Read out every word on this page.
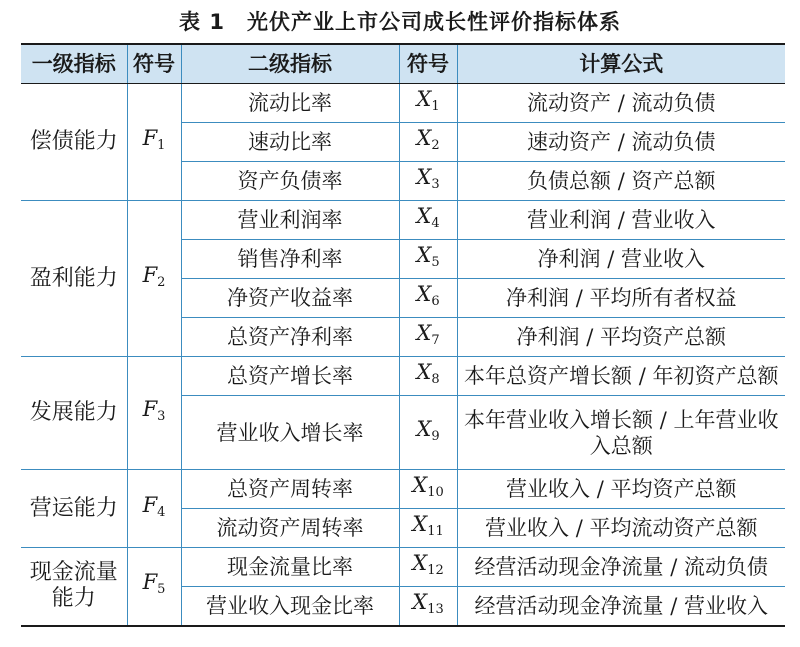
表 1 光伏产业上市公司成长性评价指标体系
一级指标	符号	二级指标	符号	计算公式
偿债能力	$F_1$	流动比率	$X_1$	流动资产 / 流动负债
		速动比率	$X_2$	速动资产 / 流动负债
		资产负债率	$X_3$	负债总额 / 资产总额
盈利能力	$F_2$	营业利润率	$X_4$	营业利润 / 营业收入
		销售净利率	$X_5$	净利润 / 营业收入
		净资产收益率	$X_6$	净利润 / 平均所有者权益
		总资产净利率	$X_7$	净利润 / 平均资产总额
发展能力	$F_3$	总资产增长率	$X_8$	本年总资产增长额 / 年初资产总额
		营业收入增长率	$X_9$	本年营业收入增长额 / 上年营业收入总额
营运能力	$F_4$	总资产周转率	$X_{10}$	营业收入 / 平均资产总额
		流动资产周转率	$X_{11}$	营业收入 / 平均流动资产总额
现金流量能力	$F_5$	现金流量比率	$X_{12}$	经营活动现金净流量 / 流动负债
		营业收入现金比率	$X_{13}$	经营活动现金净流量 / 营业收入
